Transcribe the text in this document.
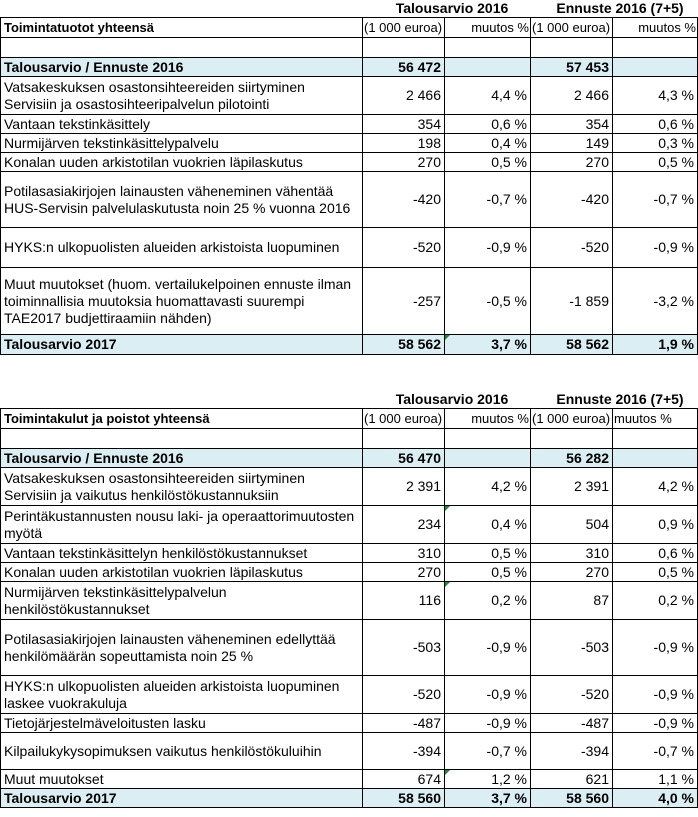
Talousarvio 2016	Ennuste 2016 (7+5)
Toimintatuotot yhteensä	(1 000 euroa)	muutos %	(1 000 euroa)	muutos %

Talousarvio / Ennuste 2016	56 472		57 453	
Vatsakeskuksen osastonsihteereiden siirtyminen Servisiin ja osastosihteeripalvelun pilotointi	2 466	4,4 %	2 466	4,3 %
Vantaan tekstinkäsittely	354	0,6 %	354	0,6 %
Nurmijärven tekstinkäsittelypalvelu	198	0,4 %	149	0,3 %
Konalan uuden arkistotilan vuokrien läpilaskutus	270	0,5 %	270	0,5 %
Potilasasiakirjojen lainausten väheneminen vähentää HUS-Servisin palvelulaskutusta noin 25 % vuonna 2016	-420	-0,7 %	-420	-0,7 %
HYKS:n ulkopuolisten alueiden arkistoista luopuminen	-520	-0,9 %	-520	-0,9 %
Muut muutokset (huom. vertailukelpoinen ennuste ilman toiminnallisia muutoksia huomattavasti suurempi TAE2017 budjettiraamiin nähden)	-257	-0,5 %	-1 859	-3,2 %
Talousarvio 2017	58 562	3,7 %	58 562	1,9 %
Talousarvio 2016	Ennuste 2016 (7+5)
Toimintakulut ja poistot yhteensä	(1 000 euroa)	muutos %	(1 000 euroa)	muutos %

Talousarvio / Ennuste 2016	56 470		56 282	
Vatsakeskuksen osastonsihteereiden siirtyminen Servisiin ja vaikutus henkilöstökustannuksiin	2 391	4,2 %	2 391	4,2 %
Perintäkustannusten nousu laki- ja operaattorimuutosten myötä	234	0,4 %	504	0,9 %
Vantaan tekstinkäsittelyn henkilöstökustannukset	310	0,5 %	310	0,6 %
Konalan uuden arkistotilan vuokrien läpilaskutus	270	0,5 %	270	0,5 %
Nurmijärven tekstinkäsittelypalvelun henkilöstökustannukset	116	0,2 %	87	0,2 %
Potilasasiakirjojen lainausten väheneminen edellyttää henkilömäärän sopeuttamista noin 25 %	-503	-0,9 %	-503	-0,9 %
HYKS:n ulkopuolisten alueiden arkistoista luopuminen laskee vuokrakuluja	-520	-0,9 %	-520	-0,9 %
Tietojärjestelmäveloitusten lasku	-487	-0,9 %	-487	-0,9 %
Kilpailukykysopimuksen vaikutus henkilöstökuluihin	-394	-0,7 %	-394	-0,7 %
Muut muutokset	674	1,2 %	621	1,1 %
Talousarvio 2017	58 560	3,7 %	58 560	4,0 %
